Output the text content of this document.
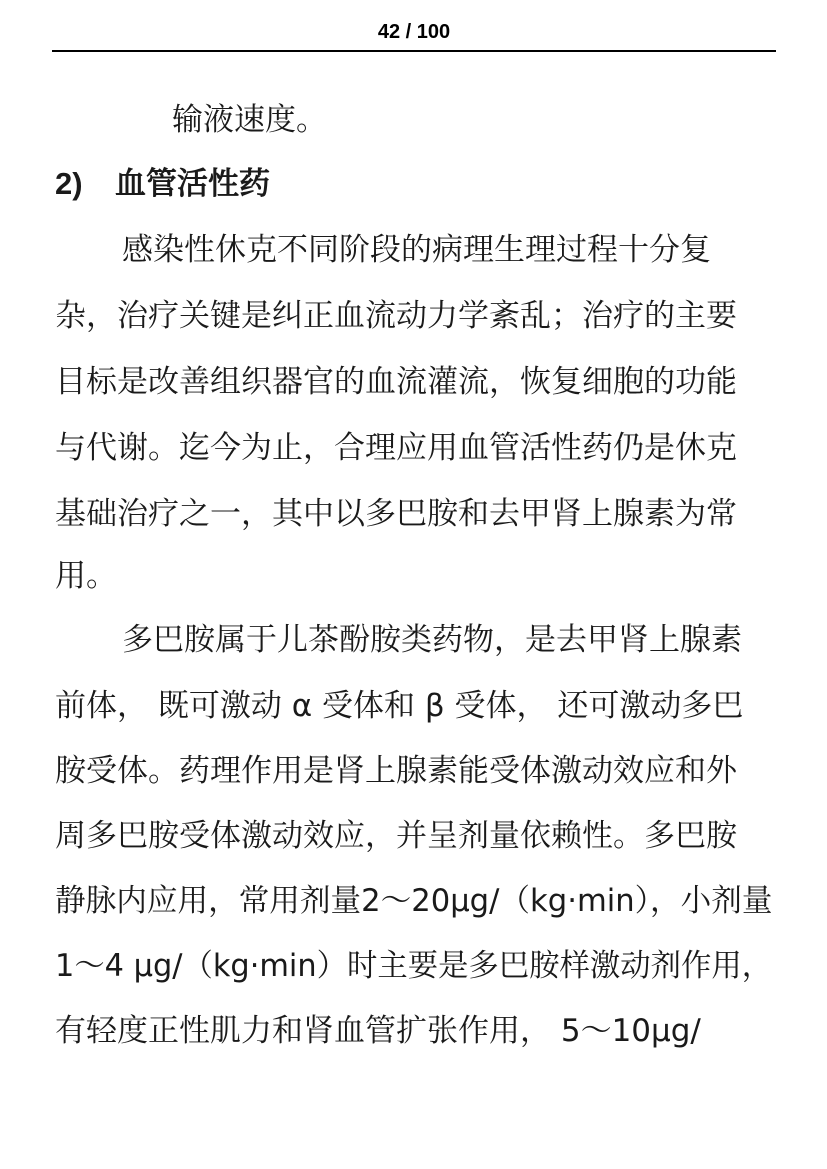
42 / 100
输液速度。
2) 血管活性药
感染性休克不同阶段的病理生理过程十分复
杂，治疗关键是纠正血流动力学紊乱；治疗的主要
目标是改善组织器官的血流灌流，恢复细胞的功能
与代谢。迄今为止，合理应用血管活性药仍是休克
基础治疗之一，其中以多巴胺和去甲肾上腺素为常
用。
多巴胺属于儿茶酚胺类药物，是去甲肾上腺素
前体， 既可激动 α 受体和 β 受体， 还可激动多巴
胺受体。药理作用是肾上腺素能受体激动效应和外
周多巴胺受体激动效应，并呈剂量依赖性。多巴胺
静脉内应用，常用剂量2～20μg/（kg·min），小剂量
1～4 μg/（kg·min）时主要是多巴胺样激动剂作用，
有轻度正性肌力和肾血管扩张作用， 5～10μg/
